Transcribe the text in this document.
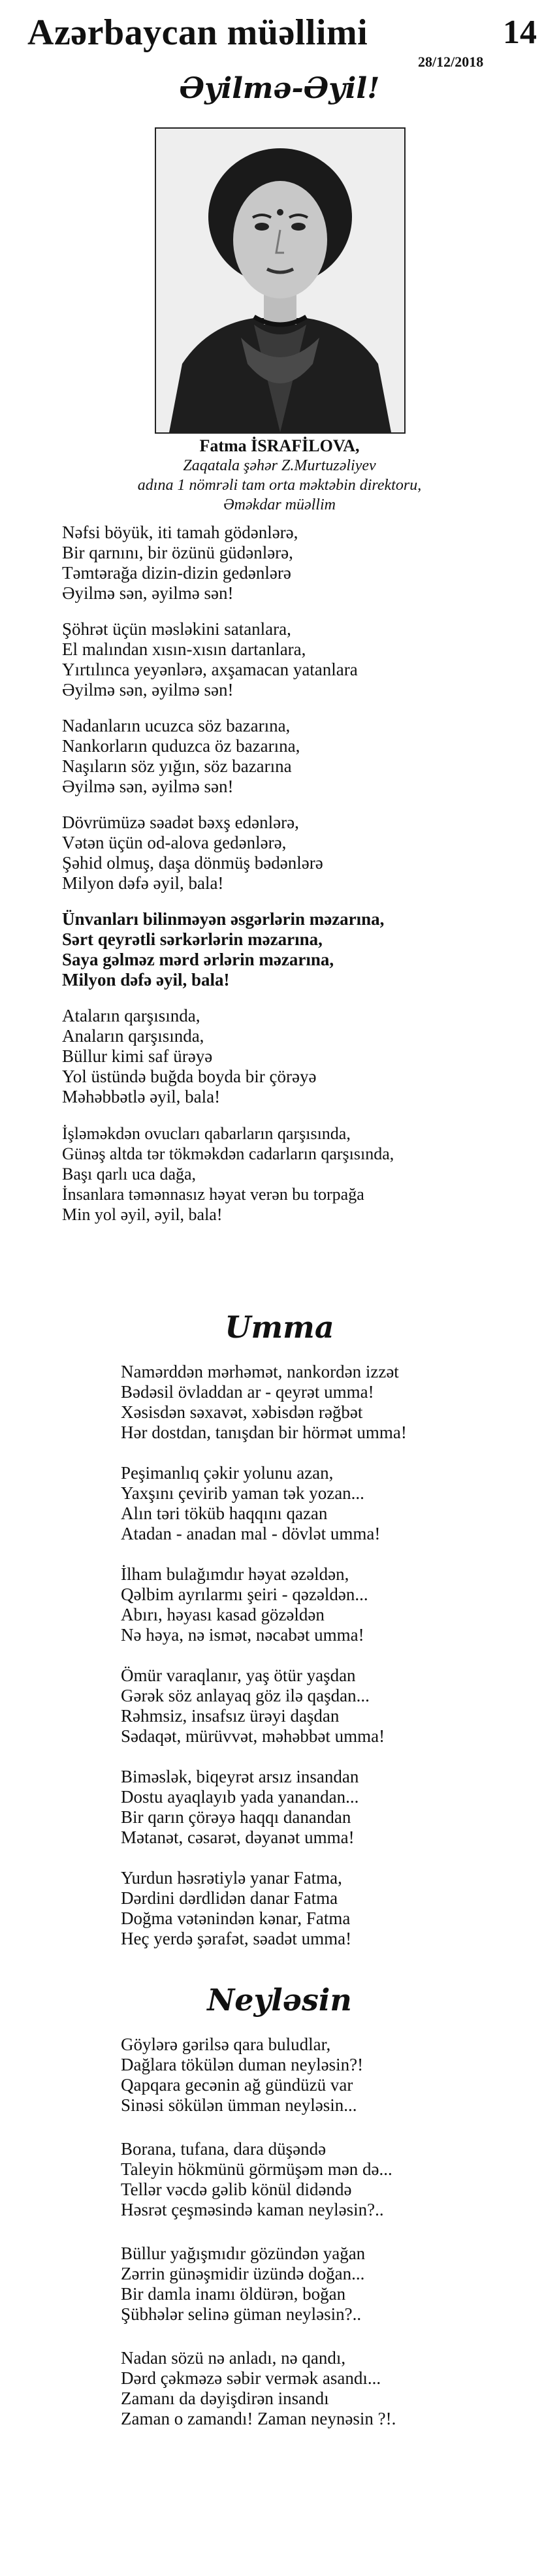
Azərbaycan müəllimi	14
28/12/2018
Əyilmə-Əyil!
Fatma İSRAFİLOVA,
Zaqatala şəhər Z.Murtuzəliyev
adına 1 nömrəli tam orta məktəbin direktoru,
Əməkdar müəllim
Nəfsi böyük, iti tamah gödənlərə,
Bir qarnını, bir özünü güdənlərə,
Təmtərağa dizin-dizin gedənlərə
Əyilmə sən, əyilmə sən!
Şöhrət üçün məsləkini satanlara,
El malından xısın-xısın dartanlara,
Yırtılınca yeyənlərə, axşamacan yatanlara
Əyilmə sən, əyilmə sən!
Nadanların ucuzca söz bazarına,
Nankorların quduzca öz bazarına,
Naşıların söz yığın, söz bazarına
Əyilmə sən, əyilmə sən!
Dövrümüzə səadət bəxş edənlərə,
Vətən üçün od-alova gedənlərə,
Şəhid olmuş, daşa dönmüş bədənlərə
Milyon dəfə əyil, bala!
Ünvanları bilinməyən əsgərlərin məzarına,
Sərt qeyrətli sərkərlərin məzarına,
Saya gəlməz mərd ərlərin məzarına,
Milyon dəfə əyil, bala!
Ataların qarşısında,
Anaların qarşısında,
Büllur kimi saf ürəyə
Yol üstündə buğda boyda bir çörəyə
Məhəbbətlə əyil, bala!
İşləməkdən ovucları qabarların qarşısında,
Günəş altda tər tökməkdən cadarların qarşısında,
Başı qarlı uca dağa,
İnsanlara təmənnasız həyat verən bu torpağa
Min yol əyil, əyil, bala!
Umma
Namərddən mərhəmət, nankordən izzət
Bədəsil övladdan ar - qeyrət umma!
Xəsisdən səxavət, xəbisdən rəğbət
Hər dostdan, tanışdan bir hörmət umma!
Peşimanlıq çəkir yolunu azan,
Yaxşını çevirib yaman tək yozan...
Alın təri töküb haqqını qazan
Atadan - anadan mal - dövlət umma!
İlham bulağımdır həyat əzəldən,
Qəlbim ayrılarmı şeiri - qəzəldən...
Abırı, həyası kasad gözəldən
Nə həya, nə ismət, nəcabət umma!
Ömür varaqlanır, yaş ötür yaşdan
Gərək söz anlayaq göz ilə qaşdan...
Rəhmsiz, insafsız ürəyi daşdan
Sədaqət, mürüvvət, məhəbbət umma!
Biməslək, biqeyrət arsız insandan
Dostu ayaqlayıb yada yanandan...
Bir qarın çörəyə haqqı danandan
Mətanət, cəsarət, dəyanət umma!
Yurdun həsrətiylə yanar Fatma,
Dərdini dərdlidən danar Fatma
Doğma vətənindən kənar, Fatma
Heç yerdə şərafət, səadət umma!
Neyləsin
Göylərə gərilsə qara buludlar,
Dağlara tökülən duman neyləsin?!
Qapqara gecənin ağ gündüzü var
Sinəsi sökülən ümman neyləsin...
Borana, tufana, dara düşəndə
Taleyin hökmünü görmüşəm mən də...
Tellər vəcdə gəlib könül didəndə
Həsrət çeşməsində kaman neyləsin?..
Büllur yağışmıdır gözündən yağan
Zərrin günəşmidir üzündə doğan...
Bir damla inamı öldürən, boğan
Şübhələr selinə güman neyləsin?..
Nadan sözü nə anladı, nə qandı,
Dərd çəkməzə səbir vermək asandı...
Zamanı da dəyişdirən insandı
Zaman o zamandı! Zaman neynəsin ?!.
